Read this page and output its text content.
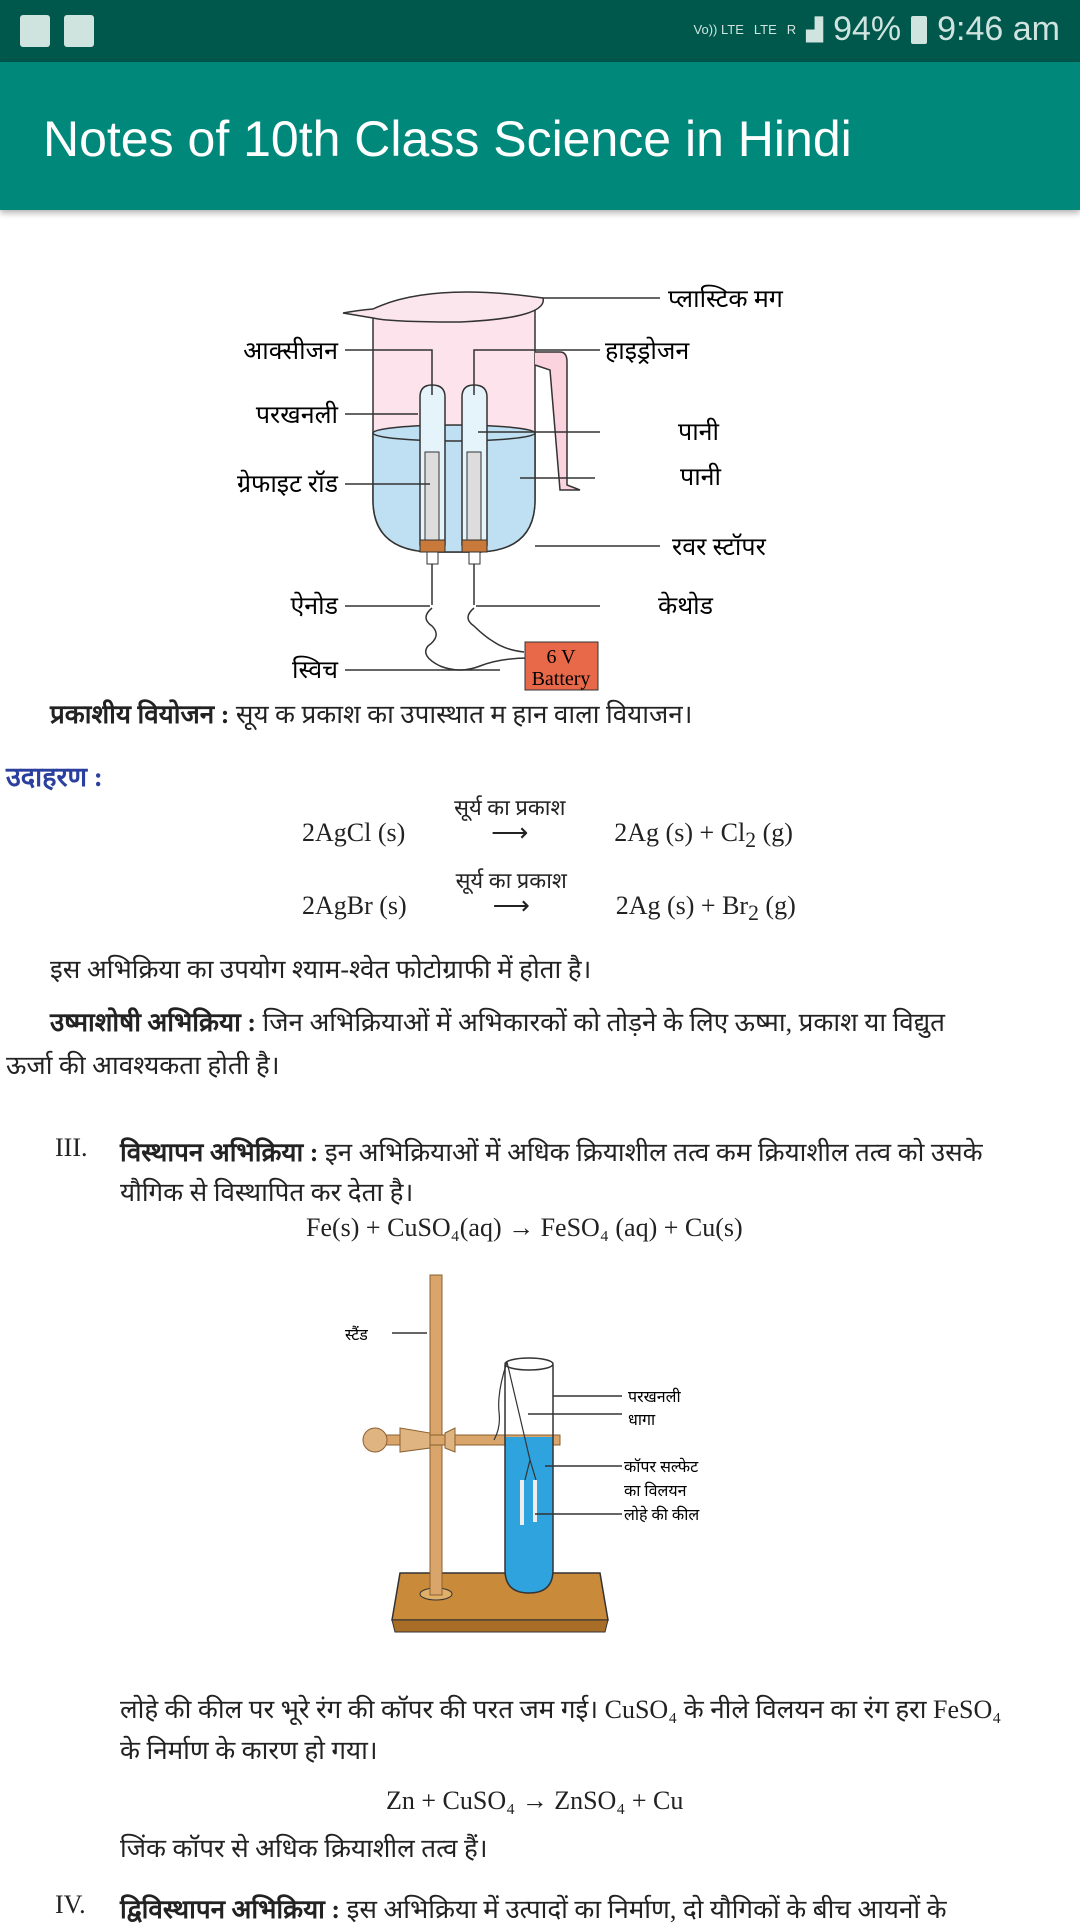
Vo)) LTE LTE R ▟ 94% 9:46 am
Notes of 10th Class Science in Hindi
प्लास्टिक मग
आक्सीजन	हाइड्रोजन
परखनली
पानी
ग्रेफाइट रॉड	पानी
रवर स्टॉपर
ऐनोड	केथोड
स्विच	6 V
Battery
प्रकाशीय वियोजन : सूय क प्रकाश का उपास्थात म हान वाला वियाजन।
उदाहरण :
2AgCl (s)
सूर्य का प्रकाश
⟶	2Ag $(s) + Cl_2$ (g)
2AgBr (s)
सूर्य का प्रकाश
⟶	2Ag $(s) + Br_2$ (g)
इस अभिक्रिया का उपयोग श्याम-श्वेत फोटोग्राफी में होता है।
उष्माशोषी अभिक्रिया : जिन अभिक्रियाओं में अभिकारकों को तोड़ने के लिए ऊष्मा, प्रकाश या विद्युत
ऊर्जा की आवश्यकता होती है।
III. विस्थापन अभिक्रिया : इन अभिक्रियाओं में अधिक क्रियाशील तत्व कम क्रियाशील तत्व को उसके
यौगिक से विस्थापित कर देता है।
Fe(s) + CuSO₄(aq) → FeSO₄ (aq) + Cu(s)
स्टैंड
परखनली
धागा
कॉपर सल्फेट
का विलयन
लोहे की कील
लोहे की कील पर भूरे रंग की कॉपर की परत जम गई। CuSO₄ के नीले विलयन का रंग हरा FeSO₄
के निर्माण के कारण हो गया।
Zn + CuSO₄ → ZnSO₄ + Cu
जिंक कॉपर से अधिक क्रियाशील तत्व हैं।
IV. द्विविस्थापन अभिक्रिया : इस अभिक्रिया में उत्पादों का निर्माण, दो यौगिकों के बीच आयनों के
